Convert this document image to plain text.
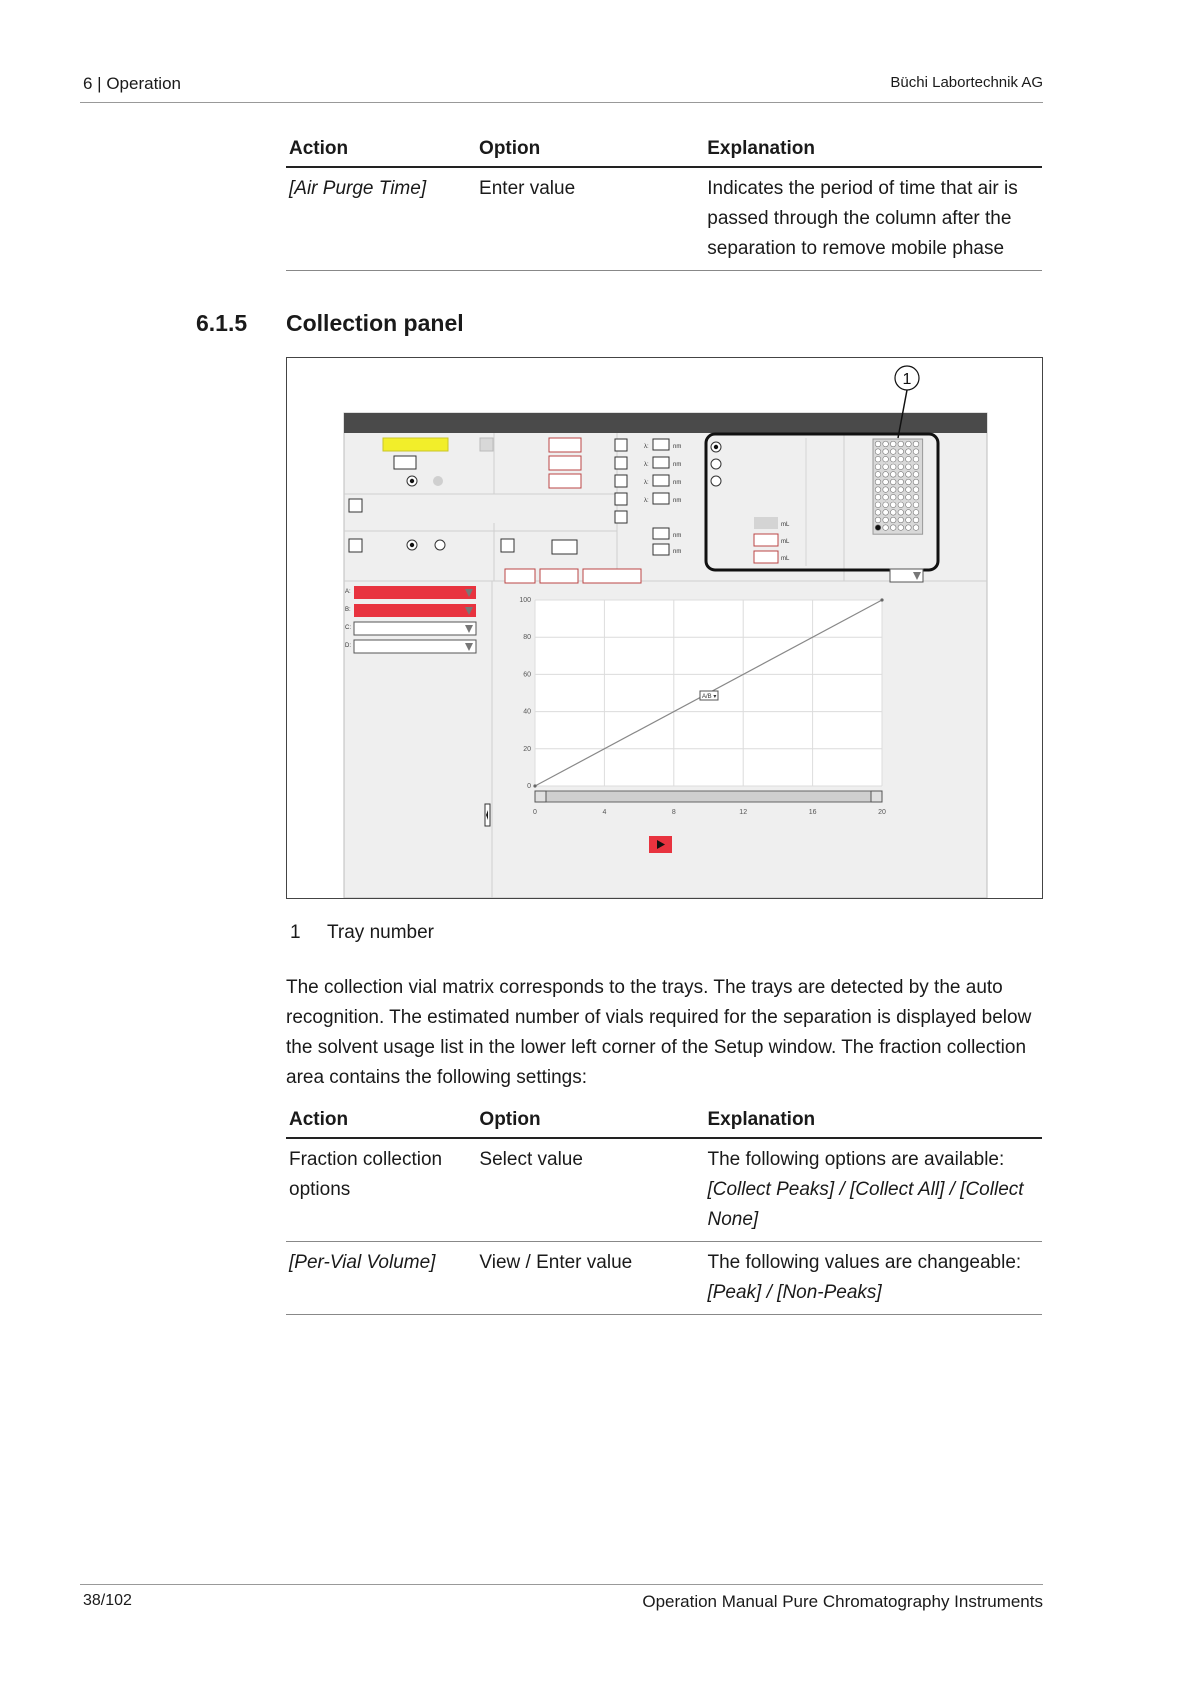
6 | Operation	Büchi Labortechnik AG
Action	Option	Explanation
[Air Purge Time]	Enter value	Indicates the period of time that air is passed through the column after the separation to remove mobile phase
6.1.5 Collection panel
λ:	nm
λ:	nm
λ:	nm
λ:	nm
nm
nm
mL
mL
mL
1
A:
B:
C:
D:
0	4	8	12	16	20
0
20
40
60
80
100
A/B ▾
1 Tray number
The collection vial matrix corresponds to the trays. The trays are detected by the auto recognition. The estimated number of vials required for the separation is displayed below the solvent usage list in the lower left corner of the Setup window. The fraction collection area contains the following settings:
Action	Option	Explanation
Fraction collection options	Select value	The following options are available:
[Collect Peaks] / [Collect All] / [Collect None]
[Per-Vial Volume]	View / Enter value	The following values are changeable:
[Peak] / [Non-Peaks]
38/102	Operation Manual Pure Chromatography Instruments
